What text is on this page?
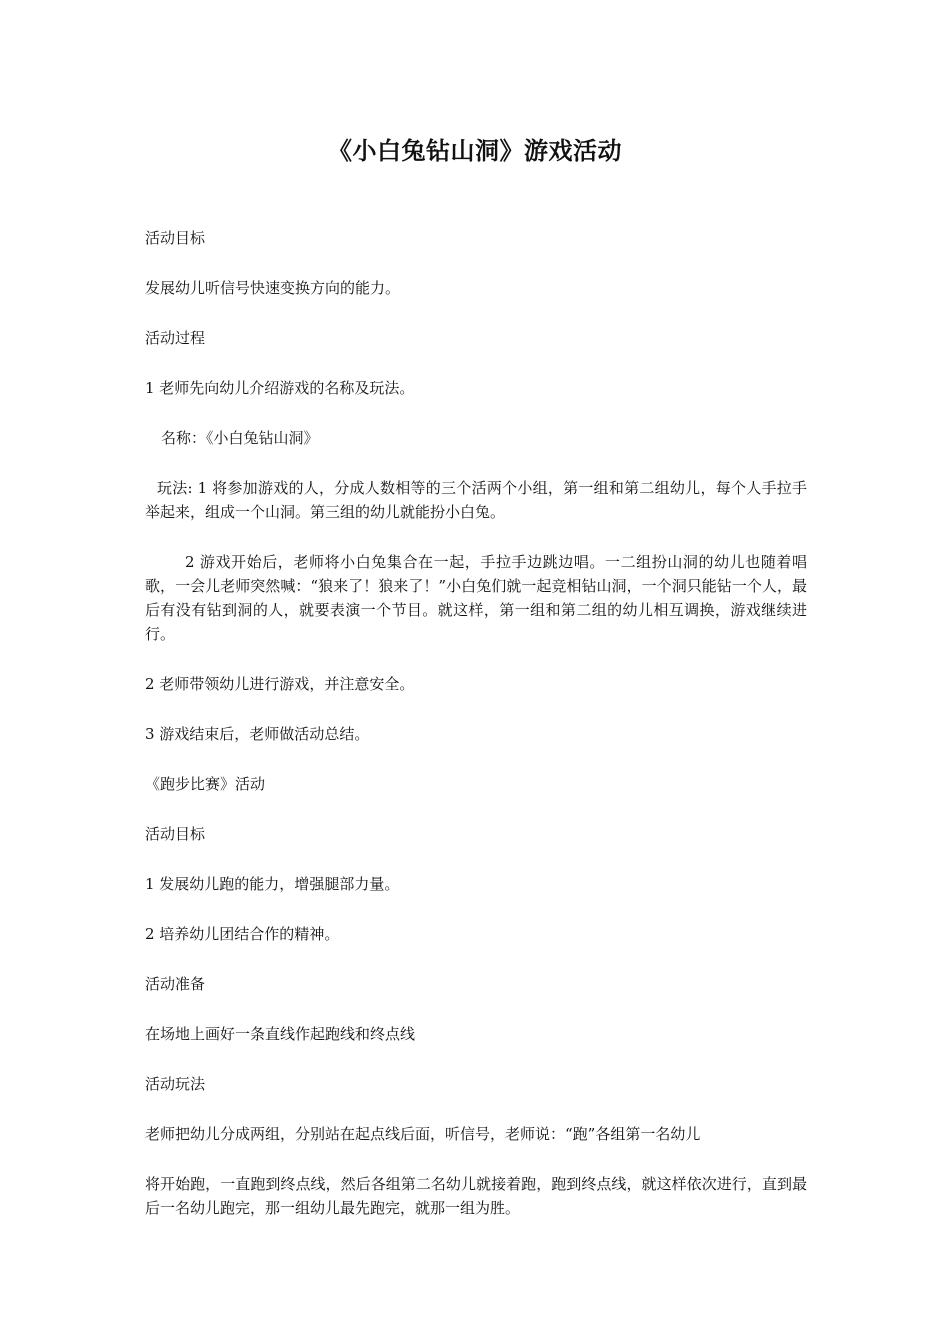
《小白兔钻山洞》游戏活动

活动目标

发展幼儿听信号快速变换方向的能力。

活动过程

1 老师先向幼儿介绍游戏的名称及玩法。

名称：《小白兔钻山洞》

玩法: 1 将参加游戏的人，分成人数相等的三个活两个小组，第一组和第二组幼儿，每个人手拉手举起来，组成一个山洞。第三组的幼儿就能扮小白兔。

2 游戏开始后，老师将小白兔集合在一起，手拉手边跳边唱。一二组扮山洞的幼儿也随着唱歌，一会儿老师突然喊：“狼来了！狼来了！”小白兔们就一起竞相钻山洞，一个洞只能钻一个人，最后有没有钻到洞的人，就要表演一个节目。就这样，第一组和第二组的幼儿相互调换，游戏继续进行。

2 老师带领幼儿进行游戏，并注意安全。

3 游戏结束后，老师做活动总结。

《跑步比赛》活动

活动目标

1 发展幼儿跑的能力，增强腿部力量。

2 培养幼儿团结合作的精神。

活动准备

在场地上画好一条直线作起跑线和终点线

活动玩法

老师把幼儿分成两组，分别站在起点线后面，听信号，老师说：“跑”各组第一名幼儿

将开始跑，一直跑到终点线，然后各组第二名幼儿就接着跑，跑到终点线，就这样依次进行，直到最后一名幼儿跑完，那一组幼儿最先跑完，就那一组为胜。
